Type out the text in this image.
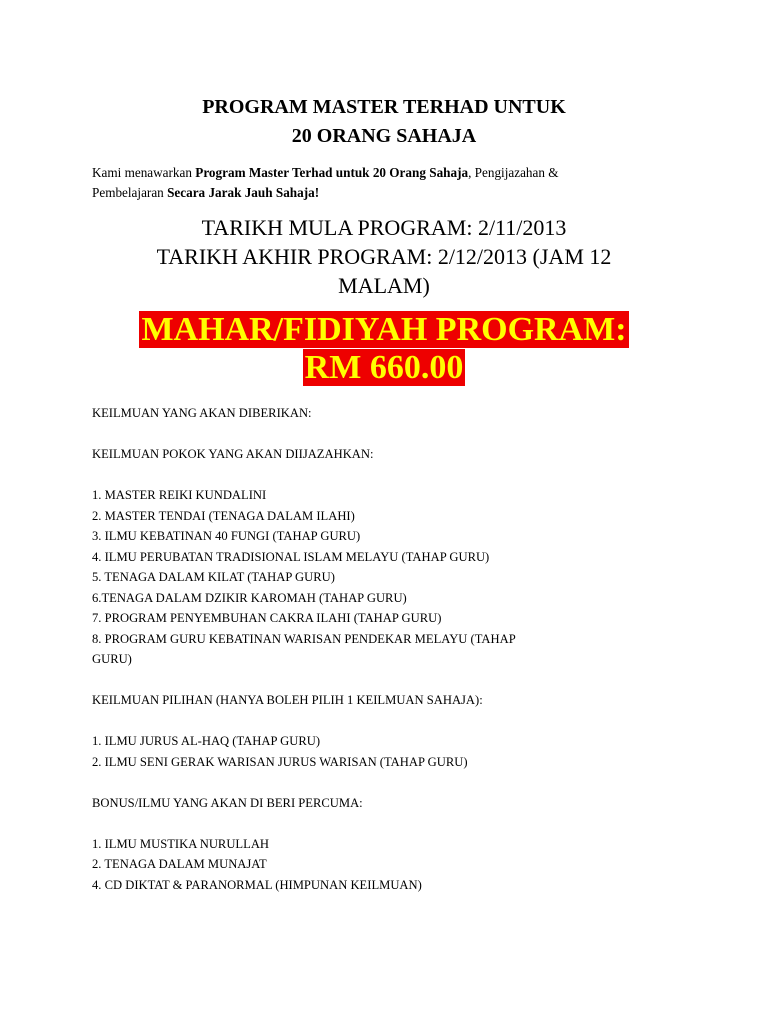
PROGRAM MASTER TERHAD UNTUK
20 ORANG SAHAJA
Kami menawarkan Program Master Terhad untuk 20 Orang Sahaja, Pengijazahan &
Pembelajaran Secara Jarak Jauh Sahaja!
TARIKH MULA PROGRAM: 2/11/2013
TARIKH AKHIR PROGRAM: 2/12/2013 (JAM 12
MALAM)
MAHAR/FIDIYAH PROGRAM:
RM 660.00

KEILMUAN YANG AKAN DIBERIKAN:

KEILMUAN POKOK YANG AKAN DIIJAZAHKAN:

1. MASTER REIKI KUNDALINI

2. MASTER TENDAI (TENAGA DALAM ILAHI)

3. ILMU KEBATINAN 40 FUNGI (TAHAP GURU)

4. ILMU PERUBATAN TRADISIONAL ISLAM MELAYU (TAHAP GURU)

5. TENAGA DALAM KILAT (TAHAP GURU)

6.TENAGA DALAM DZIKIR KAROMAH (TAHAP GURU)

7. PROGRAM PENYEMBUHAN CAKRA ILAHI (TAHAP GURU)

8. PROGRAM GURU KEBATINAN WARISAN PENDEKAR MELAYU (TAHAP

GURU)

KEILMUAN PILIHAN (HANYA BOLEH PILIH 1 KEILMUAN SAHAJA):

1. ILMU JURUS AL-HAQ (TAHAP GURU)

2. ILMU SENI GERAK WARISAN JURUS WARISAN (TAHAP GURU)

BONUS/ILMU YANG AKAN DI BERI PERCUMA:

1. ILMU MUSTIKA NURULLAH

2. TENAGA DALAM MUNAJAT

4. CD DIKTAT & PARANORMAL (HIMPUNAN KEILMUAN)
